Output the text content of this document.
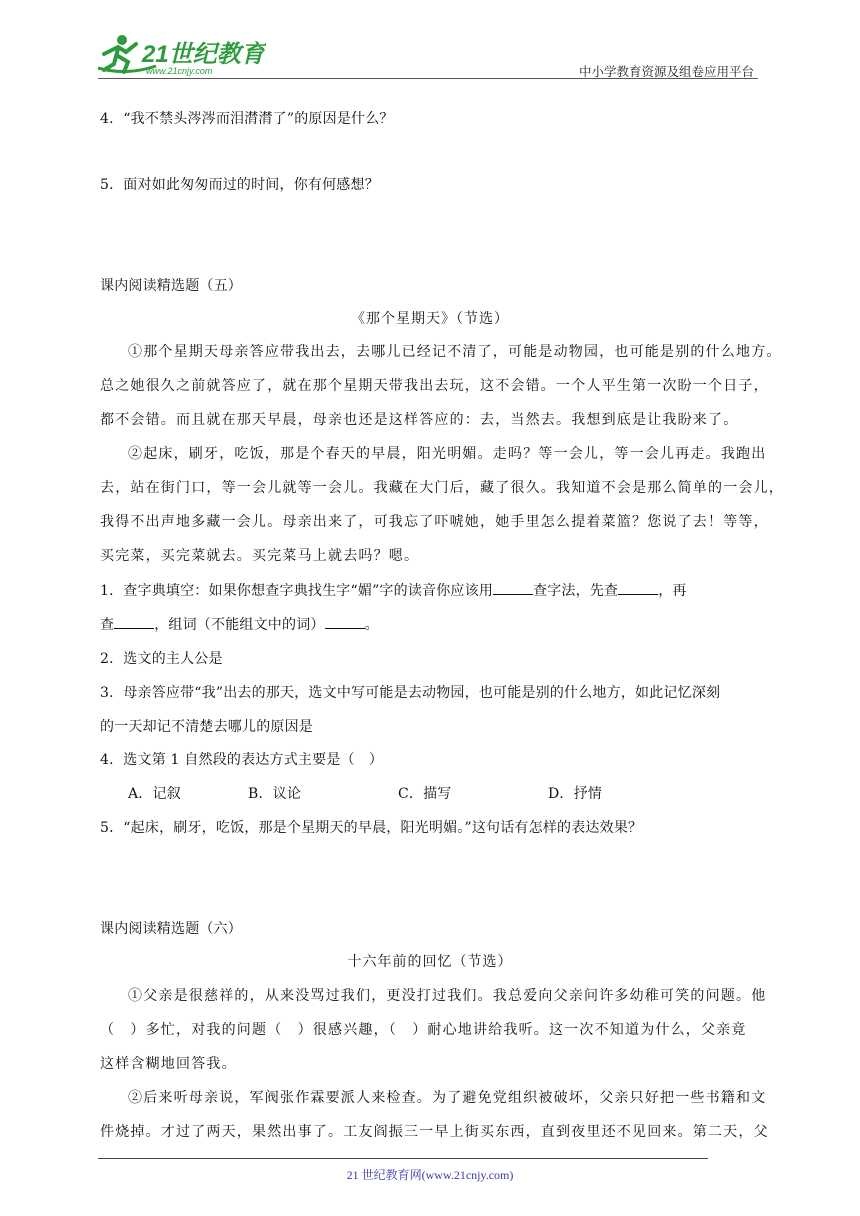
21世纪教育
www.21cnjy.com	中小学教育资源及组卷应用平台
4．“我不禁头涔涔而泪潸潸了”的原因是什么？
5．面对如此匆匆而过的时间，你有何感想？
课内阅读精选题（五）
《那个星期天》（节选）
①那个星期天母亲答应带我出去，去哪儿已经记不清了，可能是动物园，也可能是别的什么地方。
总之她很久之前就答应了，就在那个星期天带我出去玩，这不会错。一个人平生第一次盼一个日子，
都不会错。而且就在那天早晨，母亲也还是这样答应的：去，当然去。我想到底是让我盼来了。
②起床，刷牙，吃饭，那是个春天的早晨，阳光明媚。走吗？等一会儿，等一会儿再走。我跑出
去，站在街门口，等一会儿就等一会儿。我藏在大门后，藏了很久。我知道不会是那么简单的一会儿，
我得不出声地多藏一会儿。母亲出来了，可我忘了吓唬她，她手里怎么提着菜篮？您说了去！等等，
买完菜，买完菜就去。买完菜马上就去吗？嗯。
1．查字典填空：如果你想查字典找生字“媚”字的读音你应该用	查字法，先查	，再
查	，组词（不能组文中的词）	。
2．选文的主人公是
3．母亲答应带“我”出去的那天，选文中写可能是去动物园，也可能是别的什么地方，如此记忆深刻
的一天却记不清楚去哪儿的原因是
4．选文第 1 自然段的表达方式主要是（　）
A．记叙	B．议论	C．描写	D．抒情
5．“起床，刷牙，吃饭，那是个星期天的早晨，阳光明媚。”这句话有怎样的表达效果？
课内阅读精选题（六）
十六年前的回忆（节选）
①父亲是很慈祥的，从来没骂过我们，更没打过我们。我总爱向父亲问许多幼稚可笑的问题。他
（　）多忙，对我的问题（　）很感兴趣，（　）耐心地讲给我听。这一次不知道为什么，父亲竟
这样含糊地回答我。
②后来听母亲说，军阀张作霖要派人来检查。为了避免党组织被破坏，父亲只好把一些书籍和文
件烧掉。才过了两天，果然出事了。工友阎振三一早上街买东西，直到夜里还不见回来。第二天，父
21 世纪教育网(www.21cnjy.com)
